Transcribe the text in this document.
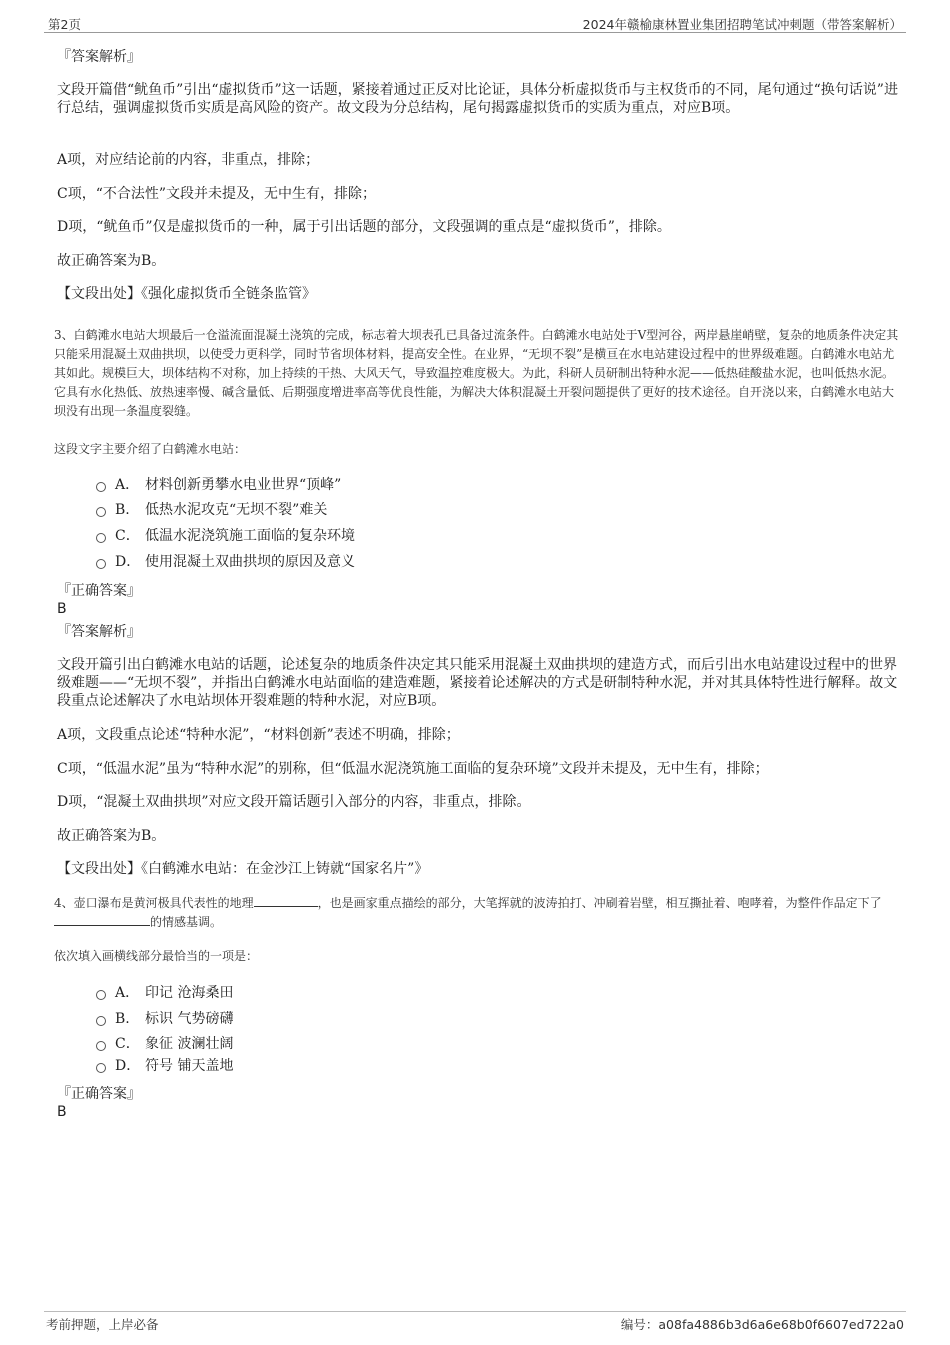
第2页	2024年赣榆康林置业集团招聘笔试冲刺题（带答案解析）
『答案解析』
文段开篇借“鱿鱼币”引出“虚拟货币”这一话题，紧接着通过正反对比论证，具体分析虚拟货币与主权货币的不同，尾句通过“换句话说”进行总结，强调虚拟货币实质是高风险的资产。故文段为分总结构，尾句揭露虚拟货币的实质为重点，对应B项。
A项，对应结论前的内容，非重点，排除；
C项，“不合法性”文段并未提及，无中生有，排除；
D项，“鱿鱼币”仅是虚拟货币的一种，属于引出话题的部分，文段强调的重点是“虚拟货币”，排除。
故正确答案为B。
【文段出处】《强化虚拟货币全链条监管》
3、白鹤滩水电站大坝最后一仓溢流面混凝土浇筑的完成，标志着大坝表孔已具备过流条件。白鹤滩水电站处于V型河谷，两岸悬崖峭壁，复杂的地质条件决定其只能采用混凝土双曲拱坝，以使受力更科学，同时节省坝体材料，提高安全性。在业界，“无坝不裂”是横亘在水电站建设过程中的世界级难题。白鹤滩水电站尤其如此。规模巨大，坝体结构不对称，加上持续的干热、大风天气，导致温控难度极大。为此，科研人员研制出特种水泥——低热硅酸盐水泥，也叫低热水泥。它具有水化热低、放热速率慢、碱含量低、后期强度增进率高等优良性能，为解决大体积混凝土开裂问题提供了更好的技术途径。自开浇以来，白鹤滩水电站大坝没有出现一条温度裂缝。
这段文字主要介绍了白鹤滩水电站：
A． 材料创新勇攀水电业世界“顶峰”
B.	低热水泥攻克“无坝不裂”难关
C． 低温水泥浇筑施工面临的复杂环境
D． 使用混凝土双曲拱坝的原因及意义
『正确答案』
B
『答案解析』
文段开篇引出白鹤滩水电站的话题，论述复杂的地质条件决定其只能采用混凝土双曲拱坝的建造方式，而后引出水电站建设过程中的世界级难题——“无坝不裂”，并指出白鹤滩水电站面临的建造难题，紧接着论述解决的方式是研制特种水泥，并对其具体特性进行解释。故文段重点论述解决了水电站坝体开裂难题的特种水泥，对应B项。
A项，文段重点论述“特种水泥”，“材料创新”表述不明确，排除；
C项，“低温水泥”虽为“特种水泥”的别称，但“低温水泥浇筑施工面临的复杂环境”文段并未提及，无中生有，排除；
D项，“混凝土双曲拱坝”对应文段开篇话题引入部分的内容，非重点，排除。
故正确答案为B。
【文段出处】《白鹤滩水电站：在金沙江上铸就“国家名片”》
4、壶口瀑布是黄河极具代表性的地理	，也是画家重点描绘的部分，大笔挥就的波涛拍打、冲刷着岩壁，相互撕扯着、咆哮着，为整件作品定下了的情感基调。
依次填入画横线部分最恰当的一项是：
A． 印记 沧海桑田
B.	标识 气势磅礴
C． 象征 波澜壮阔
D． 符号 铺天盖地
『正确答案』
B
考前押题，上岸必备	编号：a08fa4886b3d6a6e68b0f6607ed722a0
